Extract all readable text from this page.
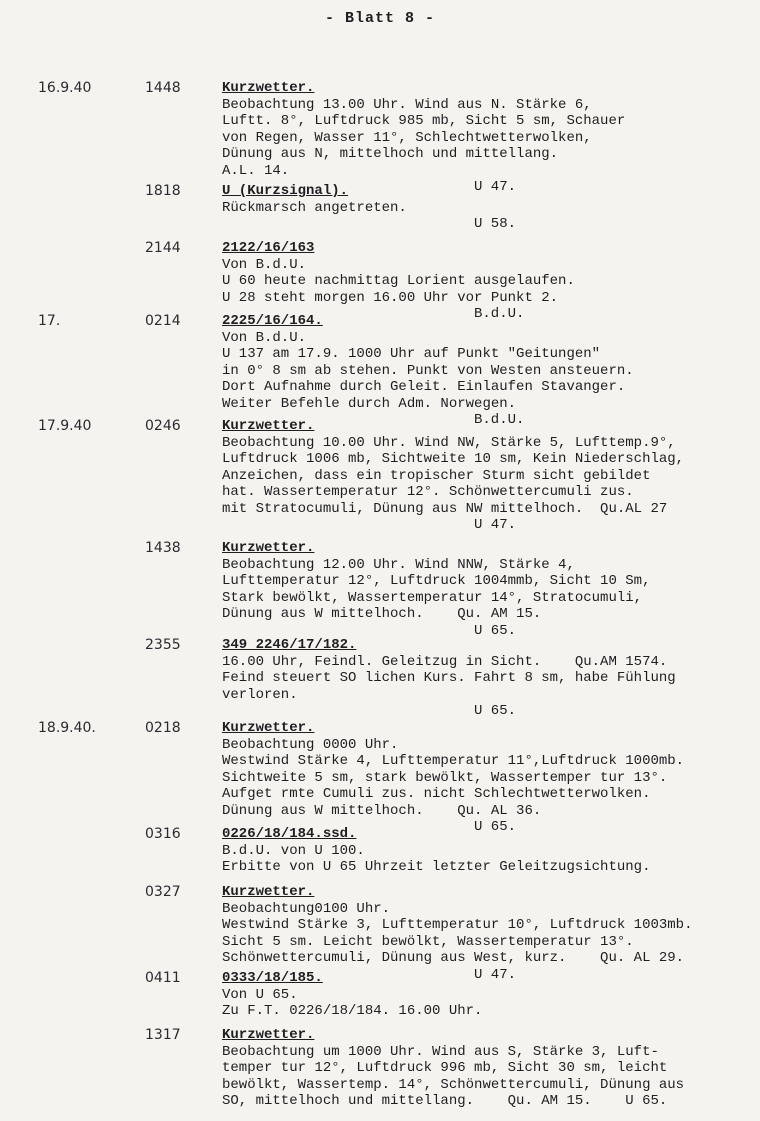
- Blatt 8 -
16.9.40	1448	Kurzwetter.
Beobachtung 13.00 Uhr. Wind aus N. Stärke 6,
Luftt. 8°, Luftdruck 985 mb, Sicht 5 sm, Schauer
von Regen, Wasser 11°, Schlechtwetterwolken,
Dünung aus N, mittelhoch und mittellang.
A.L. 14.
U 47.
1818	U (Kurzsignal).
Rückmarsch angetreten.
U 58.
2144	2122/16/163
Von B.d.U.
U 60 heute nachmittag Lorient ausgelaufen.
U 28 steht morgen 16.00 Uhr vor Punkt 2.
B.d.U.
17.	0214	2225/16/164.
Von B.d.U.
U 137 am 17.9. 1000 Uhr auf Punkt "Geitungen"
in 0° 8 sm ab stehen. Punkt von Westen ansteuern.
Dort Aufnahme durch Geleit. Einlaufen Stavanger.
Weiter Befehle durch Adm. Norwegen.
B.d.U.
17.9.40	0246	Kurzwetter.
Beobachtung 10.00 Uhr. Wind NW, Stärke 5, Lufttemp.9°,
Luftdruck 1006 mb, Sichtweite 10 sm, Kein Niederschlag,
Anzeichen, dass ein tropischer Sturm sicht gebildet
hat. Wassertemperatur 12°. Schönwettercumuli zus.
mit Stratocumuli, Dünung aus NW mittelhoch.  Qu.AL 27
U 47.
1438	Kurzwetter.
Beobachtung 12.00 Uhr. Wind NNW, Stärke 4,
Lufttemperatur 12°, Luftdruck 1004mmb, Sicht 10 Sm,
Stark bewölkt, Wassertemperatur 14°, Stratocumuli,
Dünung aus W mittelhoch.    Qu. AM 15.
U 65.
2355	349 2246/17/182.
16.00 Uhr, Feindl. Geleitzug in Sicht.    Qu.AM 1574.
Feind steuert SO lichen Kurs. Fahrt 8 sm, habe Fühlung
verloren.
U 65.
18.9.40.	0218	Kurzwetter.
Beobachtung 0000 Uhr.
Westwind Stärke 4, Lufttemperatur 11°,Luftdruck 1000mb.
Sichtweite 5 sm, stark bewölkt, Wassertemper tur 13°.
Aufget rmte Cumuli zus. nicht Schlechtwetterwolken.
Dünung aus W mittelhoch.    Qu. AL 36.
U 65.
0316	0226/18/184.ssd.
B.d.U. von U 100.
Erbitte von U 65 Uhrzeit letzter Geleitzugsichtung.
0327	Kurzwetter.
Beobachtung0100 Uhr.
Westwind Stärke 3, Lufttemperatur 10°, Luftdruck 1003mb.
Sicht 5 sm. Leicht bewölkt, Wassertemperatur 13°.
Schönwettercumuli, Dünung aus West, kurz.    Qu. AL 29.
U 47.
0411	0333/18/185.
Von U 65.
Zu F.T. 0226/18/184. 16.00 Uhr.
1317	Kurzwetter.
Beobachtung um 1000 Uhr. Wind aus S, Stärke 3, Luft-
temper tur 12°, Luftdruck 996 mb, Sicht 30 sm, leicht
bewölkt, Wassertemp. 14°, Schönwettercumuli, Dünung aus
SO, mittelhoch und mittellang.    Qu. AM 15.    U 65.
